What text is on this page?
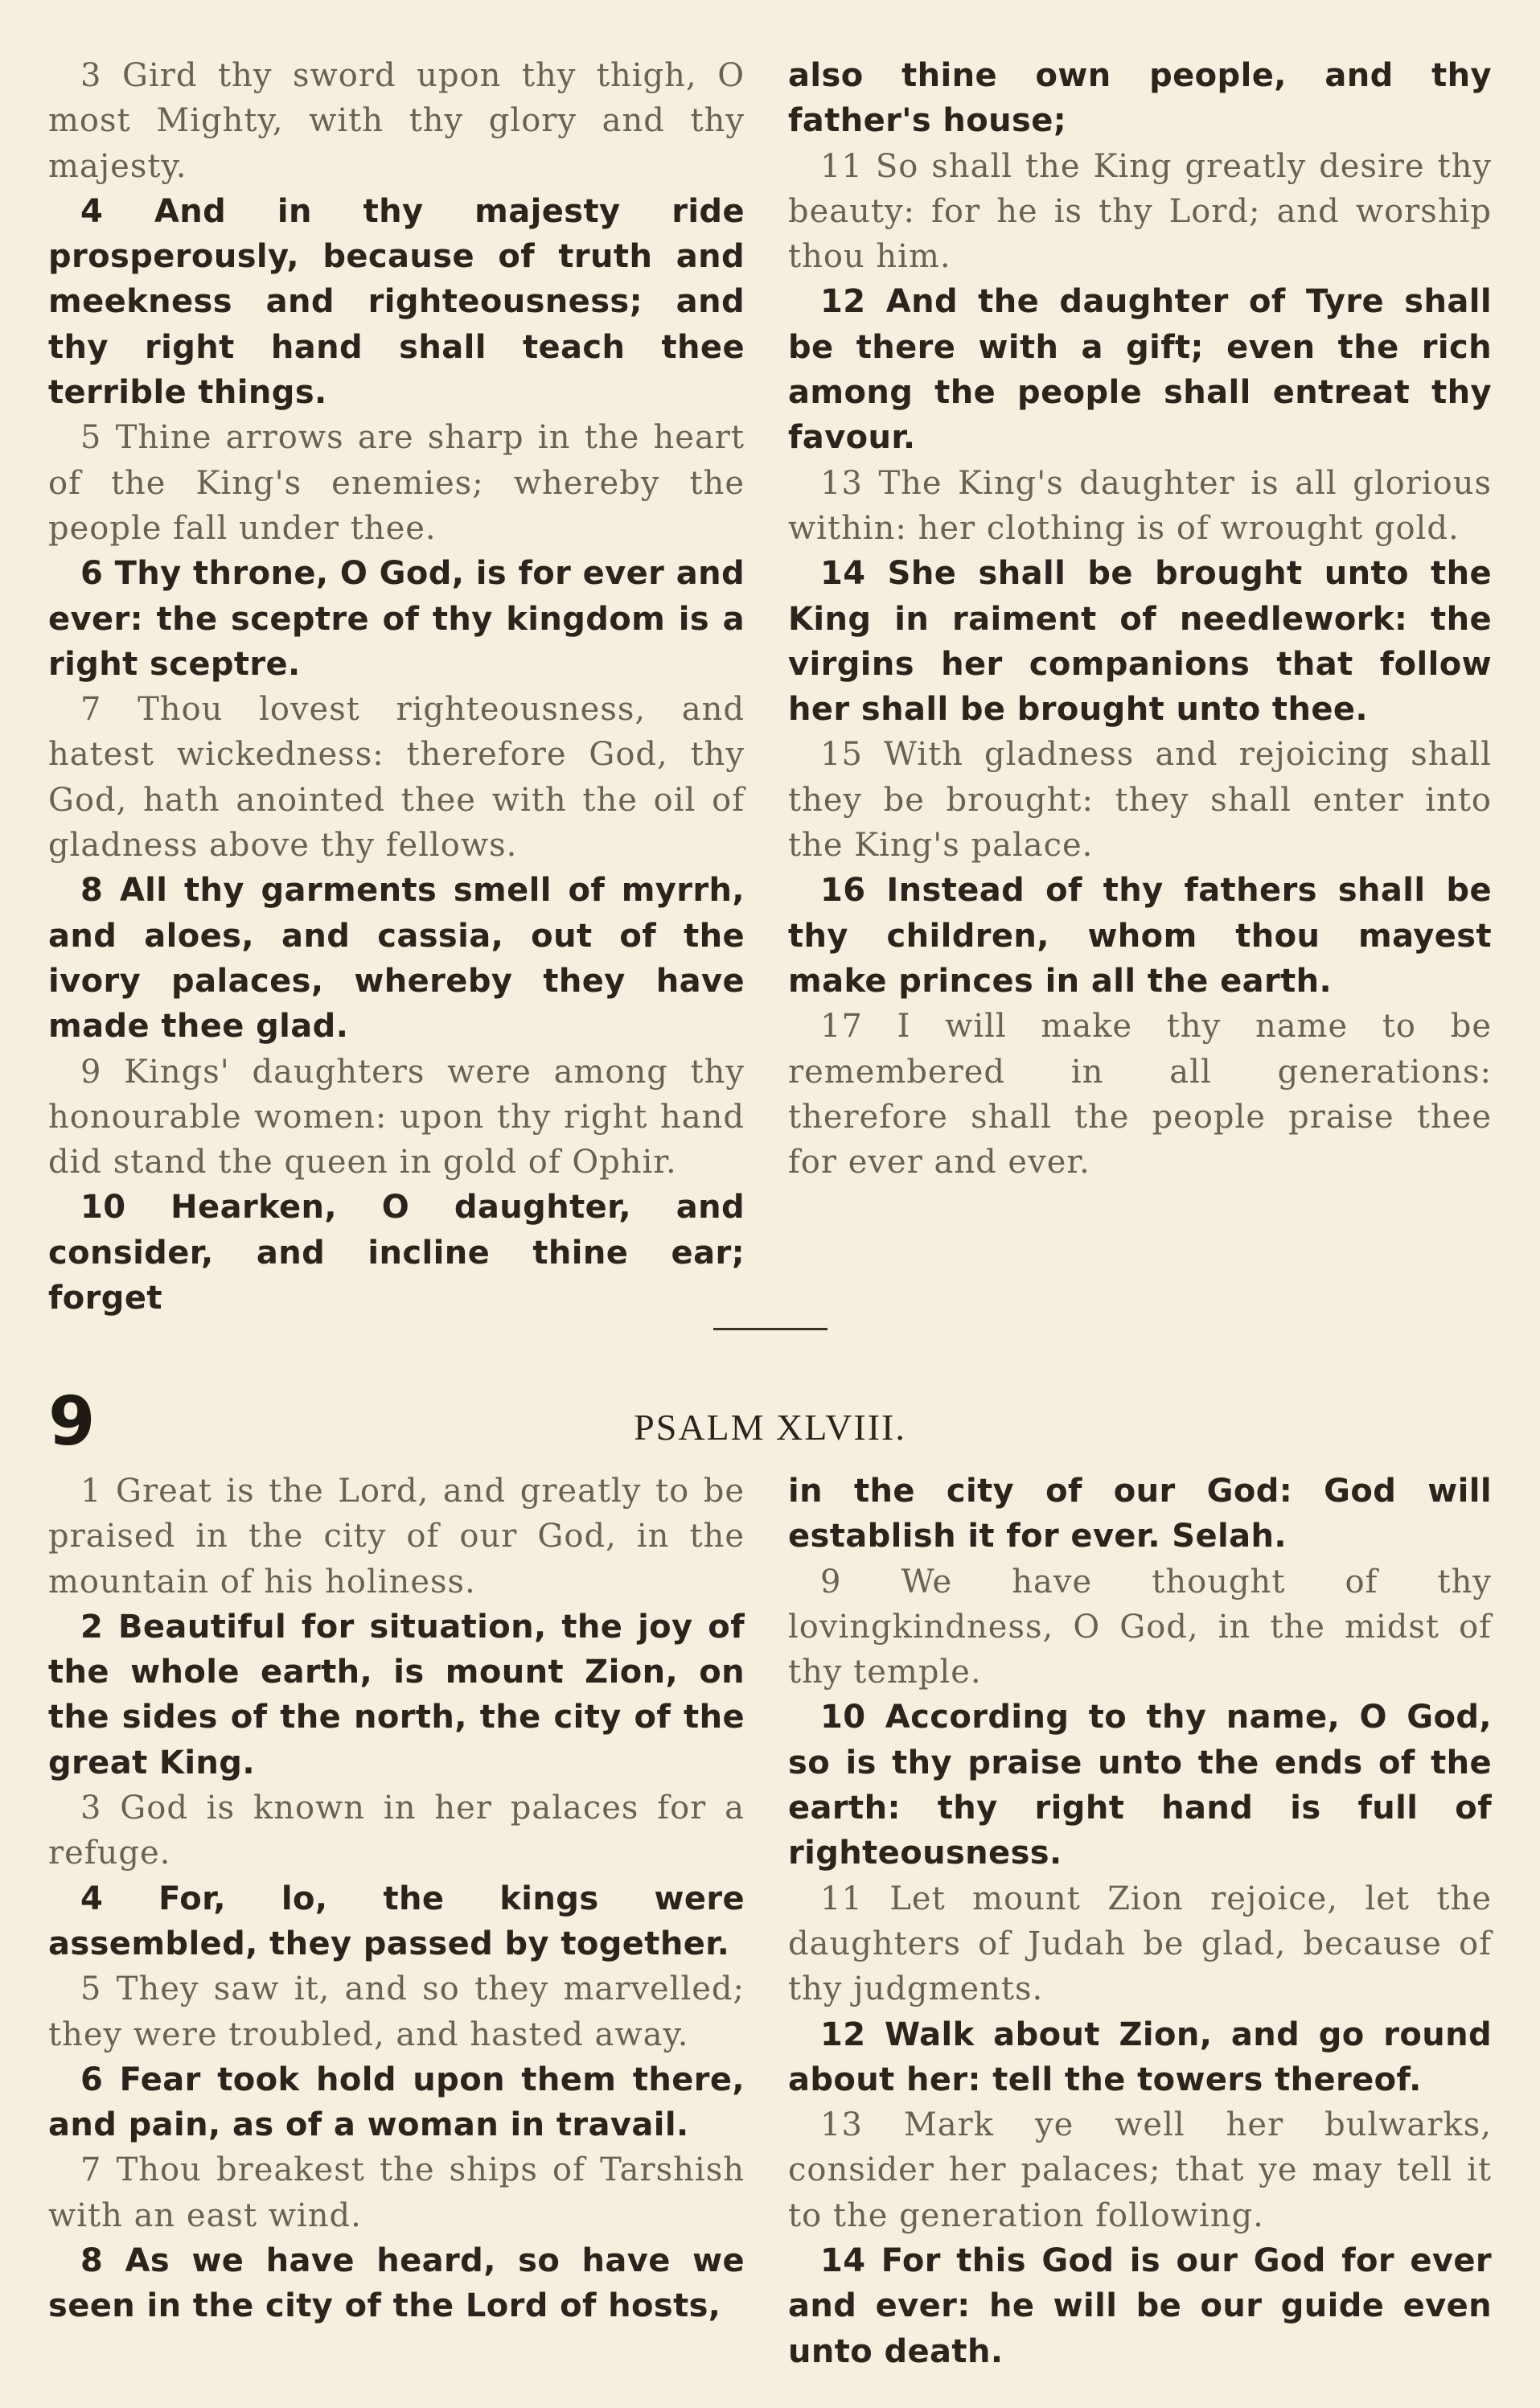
3 Gird thy sword upon thy thigh, O most Mighty, with thy glory and thy majesty.

4 And in thy majesty ride prosperously, because of truth and meekness and righteousness; and thy right hand shall teach thee terrible things.

5 Thine arrows are sharp in the heart of the King's enemies; whereby the people fall under thee.

6 Thy throne, O God, is for ever and ever: the sceptre of thy kingdom is a right sceptre.

7 Thou lovest righteousness, and hatest wickedness: therefore God, thy God, hath anointed thee with the oil of gladness above thy fellows.

8 All thy garments smell of myrrh, and aloes, and cassia, out of the ivory palaces, whereby they have made thee glad.

9 Kings' daughters were among thy honourable women: upon thy right hand did stand the queen in gold of Ophir.

10 Hearken, O daughter, and consider, and incline thine ear; forget

also thine own people, and thy father's house;

11 So shall the King greatly desire thy beauty: for he is thy Lord; and worship thou him.

12 And the daughter of Tyre shall be there with a gift; even the rich among the people shall entreat thy favour.

13 The King's daughter is all glorious within: her clothing is of wrought gold.

14 She shall be brought unto the King in raiment of needlework: the virgins her companions that follow her shall be brought unto thee.

15 With gladness and rejoicing shall they be brought: they shall enter into the King's palace.

16 Instead of thy fathers shall be thy children, whom thou mayest make princes in all the earth.

17 I will make thy name to be remembered in all generations: therefore shall the people praise thee for ever and ever.

9	PSALM XLVIII.

1 Great is the Lord, and greatly to be praised in the city of our God, in the mountain of his holiness.

2 Beautiful for situation, the joy of the whole earth, is mount Zion, on the sides of the north, the city of the great King.

3 God is known in her palaces for a refuge.

4 For, lo, the kings were assembled, they passed by together.

5 They saw it, and so they marvelled; they were troubled, and hasted away.

6 Fear took hold upon them there, and pain, as of a woman in travail.

7 Thou breakest the ships of Tarshish with an east wind.

8 As we have heard, so have we seen in the city of the Lord of hosts,

in the city of our God: God will establish it for ever. Selah.

9 We have thought of thy lovingkindness, O God, in the midst of thy temple.

10 According to thy name, O God, so is thy praise unto the ends of the earth: thy right hand is full of righteousness.

11 Let mount Zion rejoice, let the daughters of Judah be glad, because of thy judgments.

12 Walk about Zion, and go round about her: tell the towers thereof.

13 Mark ye well her bulwarks, consider her palaces; that ye may tell it to the generation following.

14 For this God is our God for ever and ever: he will be our guide even unto death.
